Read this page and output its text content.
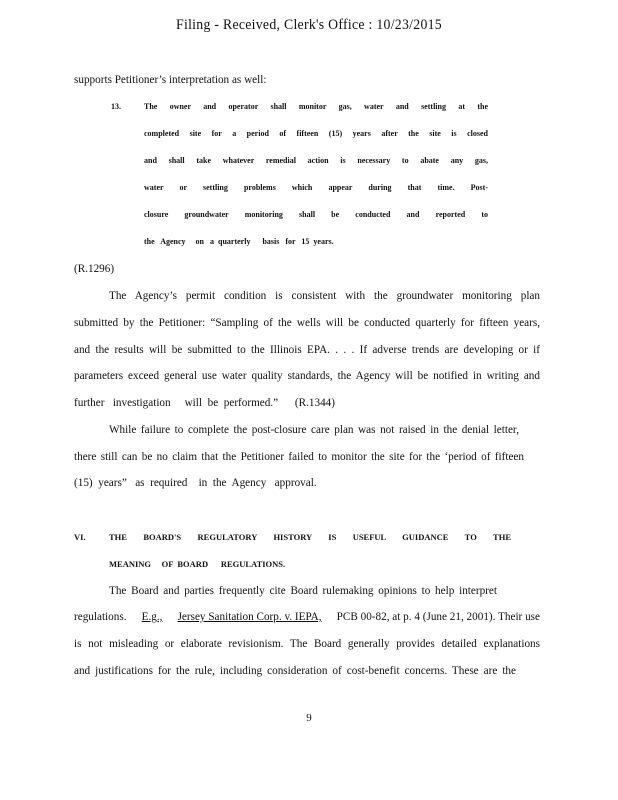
Filing - Received, Clerk's Office : 10/23/2015
supports Petitioner’s interpretation as well:
13.	The owner and operator shall monitor gas, water and settling at the
completed site for a period of fifteen (15) years after the site is closed
and shall take whatever remedial action is necessary to abate any gas,
water or settling problems which appear during that time. Post-
closure groundwater monitoring shall be conducted and reported to
the   Agency     on   a  quarterly      basis   for   15  years.
(R.1296)
The Agency’s permit condition is consistent with the groundwater monitoring plan
submitted by the Petitioner: “Sampling of the wells will be conducted quarterly for fifteen years,
and the results will be submitted to the Illinois EPA. . . . If adverse trends are developing or if
parameters exceed general use water quality standards, the Agency will be notified in writing and
further   investigation     will  be  performed.”      (R.1344)
While failure to complete the post-closure care plan was not raised in the denial letter,
there still can be no claim that the Petitioner failed to monitor the site for the ‘period of fifteen
(15)  years”   as  required    in  the  Agency   approval.
VI.	THE BOARD'S REGULATORY HISTORY IS USEFUL GUIDANCE TO THE
MEANING     OF  BOARD      REGULATIONS.
The Board and parties frequently cite Board rulemaking opinions to help interpret
regulations. E.g., Jersey Sanitation Corp. v. IEPA, PCB 00-82, at p. 4 (June 21, 2001). Their use
is not misleading or elaborate revisionism. The Board generally provides detailed explanations
and justifications for the rule, including consideration of cost-benefit concerns. These are the
9
